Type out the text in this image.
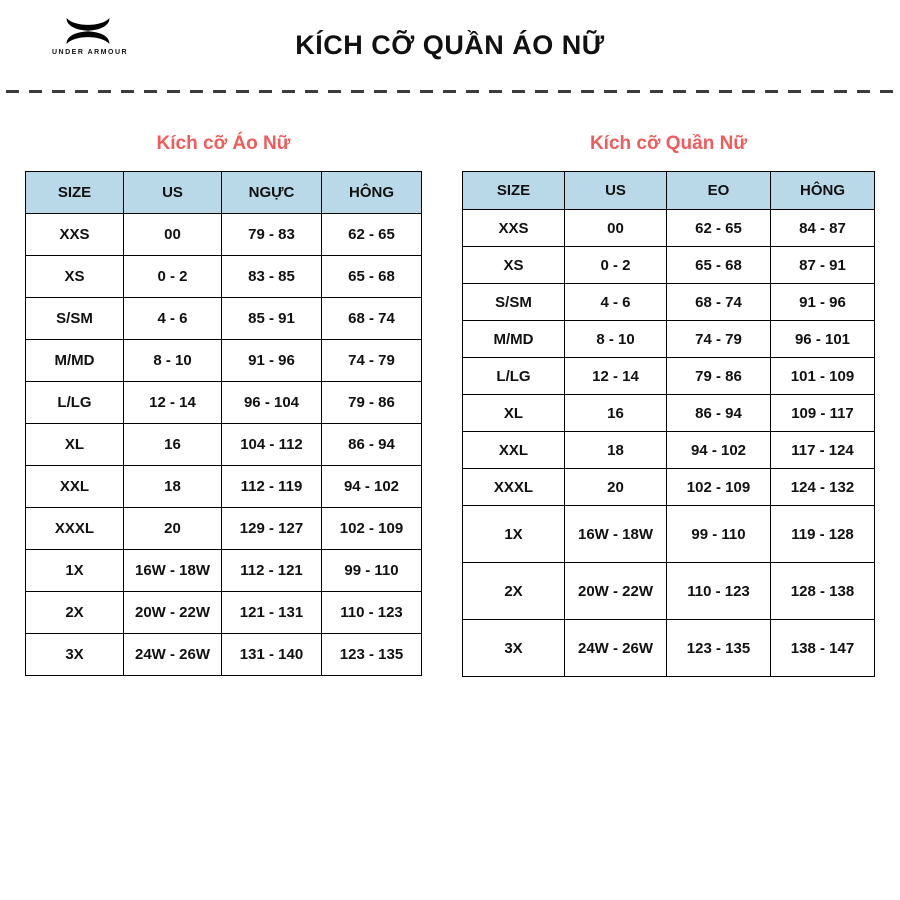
UNDER ARMOUR	KÍCH CỠ QUẦN ÁO NỮ
Kích cỡ Áo Nữ
SIZE	US	NGỰC	HÔNG
XXS	00	79 - 83	62 - 65
XS	0 - 2	83 - 85	65 - 68
S/SM	4 - 6	85 - 91	68 - 74
M/MD	8 - 10	91 - 96	74 - 79
L/LG	12 - 14	96 - 104	79 - 86
XL	16	104 - 112	86 - 94
XXL	18	112 - 119	94 - 102
XXXL	20	129 - 127	102 - 109
1X	16W - 18W	112 - 121	99 - 110
2X	20W - 22W	121 - 131	110 - 123
3X	24W - 26W	131 - 140	123 - 135
Kích cỡ Quần Nữ
SIZE	US	EO	HÔNG
XXS	00	62 - 65	84 - 87
XS	0 - 2	65 - 68	87 - 91
S/SM	4 - 6	68 - 74	91 - 96
M/MD	8 - 10	74 - 79	96 - 101
L/LG	12 - 14	79 - 86	101 - 109
XL	16	86 - 94	109 - 117
XXL	18	94 - 102	117 - 124
XXXL	20	102 - 109	124 - 132
1X	16W - 18W	99 - 110	119 - 128
2X	20W - 22W	110 - 123	128 - 138
3X	24W - 26W	123 - 135	138 - 147
